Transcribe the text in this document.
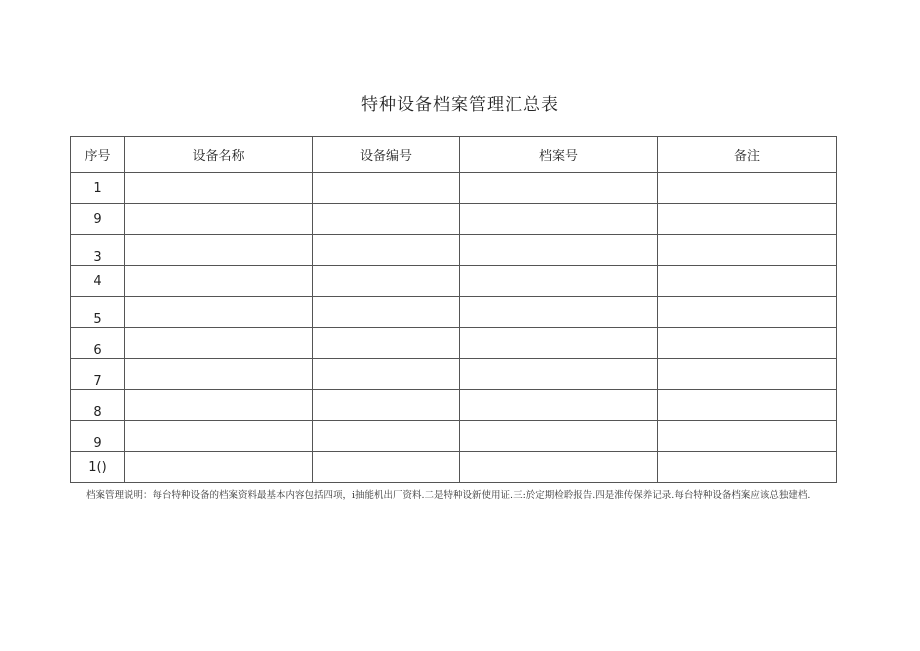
特种设备档案管理汇总表
序号	设备名称	设备编号	档案号	备注

1				

9				

3				

4				

5				

6				

7				

8				

9				

1()				

档案管理说明：每台特种设备的档案资料最基本内容包括四项，i抽能机出厂资料.二是特种设新使用证.三:於定期检聆报告.四是淮传保养记录.每台特种设备档案应该总独建档.
